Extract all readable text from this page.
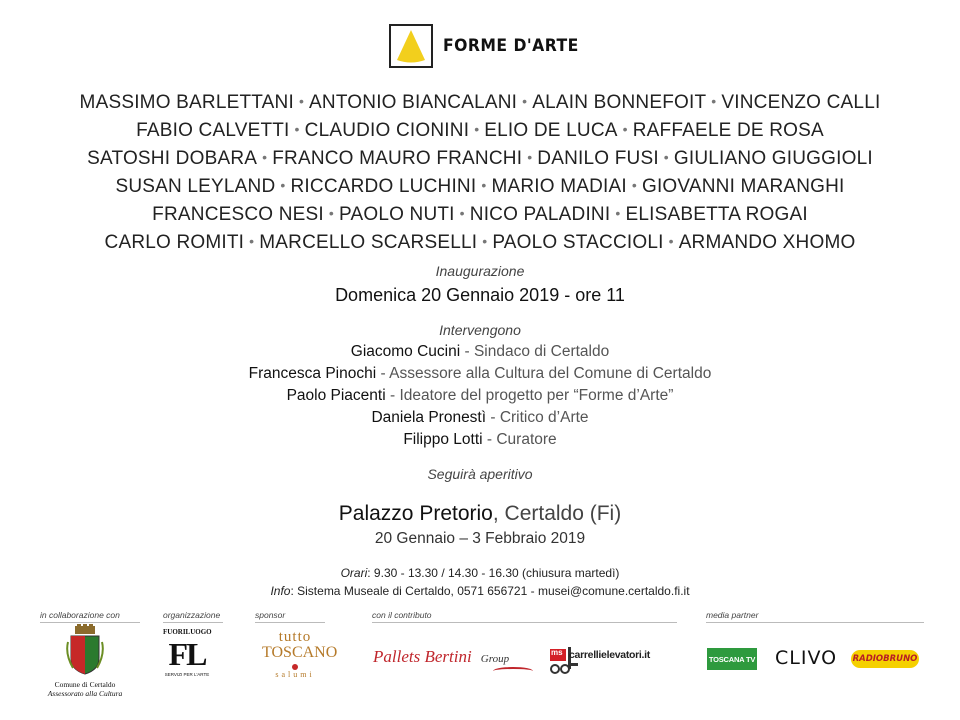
FORME D'ARTE
MASSIMO BARLETTANI • ANTONIO BIANCALANI • ALAIN BONNEFOIT • VINCENZO CALLI
FABIO CALVETTI • CLAUDIO CIONINI • ELIO DE LUCA • RAFFAELE DE ROSA
SATOSHI DOBARA • FRANCO MAURO FRANCHI • DANILO FUSI • GIULIANO GIUGGIOLI
SUSAN LEYLAND • RICCARDO LUCHINI • MARIO MADIAI • GIOVANNI MARANGHI
FRANCESCO NESI • PAOLO NUTI • NICO PALADINI • ELISABETTA ROGAI
CARLO ROMITI • MARCELLO SCARSELLI • PAOLO STACCIOLI • ARMANDO XHOMO
Inaugurazione
Domenica 20 Gennaio 2019 - ore 11
Intervengono
Giacomo Cucini - Sindaco di Certaldo
Francesca Pinochi - Assessore alla Cultura del Comune di Certaldo
Paolo Piacenti - Ideatore del progetto per “Forme d’Arte”
Daniela Pronestì - Critico d’Arte
Filippo Lotti - Curatore
Seguirà aperitivo
Palazzo Pretorio, Certaldo (Fi)
20 Gennaio – 3 Febbraio 2019
Orari: 9.30 - 13.30 / 14.30 - 16.30 (chiusura martedì)
Info: Sistema Museale di Certaldo, 0571 656721 - musei@comune.certaldo.fi.it
in collaborazione con	organizzazione	sponsor	con il contributo	media partner
Comune di Certaldo
Assessorato alla Cultura
FUORILUOGO
FL
SERVIZI PER L'ARTE
tutto
TOSCANO
salumi
Pallets Bertini Group
ms carrellielevatori.it	TOSCANA TV CLIVO RADIOBRUNO
